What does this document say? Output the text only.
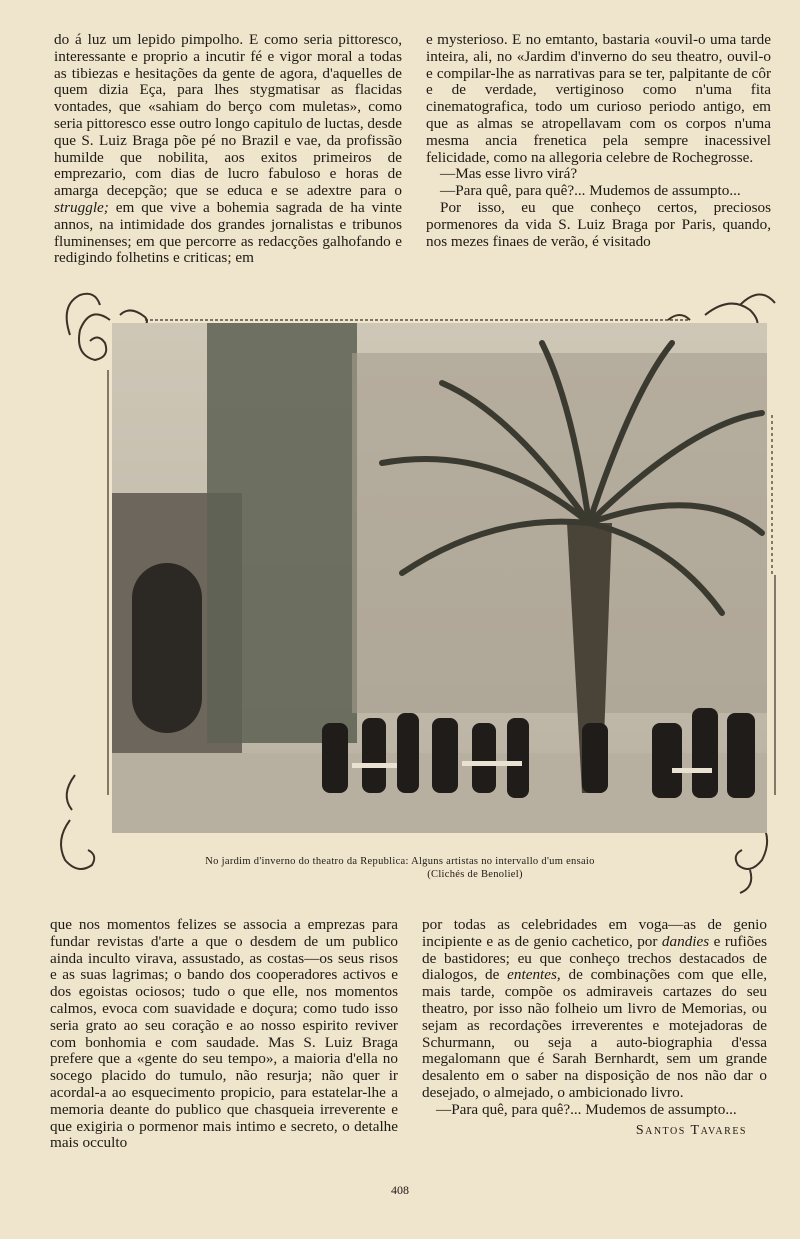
do á luz um lepido pimpolho. E como seria pittoresco, interessante e proprio a incutir fé e vigor moral a todas as tibiezas e hesitações da gente de agora, d'aquelles de quem dizia Eça, para lhes stygmatisar as flacidas vontades, que «sahiam do berço com muletas», como seria pittoresco esse outro longo capitulo de luctas, desde que S. Luiz Braga põe pé no Brazil e vae, da profissão humilde que nobilita, aos exitos primeiros de emprezario, com dias de lucro fabuloso e horas de amarga decepção; que se educa e se adextre para o struggle; em que vive a bohemia sagrada de ha vinte annos, na intimidade dos grandes jornalistas e tribunos fluminenses; em que percorre as redacções galhofando e redigindo folhetins e criticas; em

e mysterioso. E no emtanto, bastaria «ouvil-o uma tarde inteira, ali, no «Jardim d'inverno do seu theatro, ouvil-o e compilar-lhe as narrativas para se ter, palpitante de côr e de verdade, vertiginoso como n'uma fita cinematografica, todo um curioso periodo antigo, em que as almas se atropellavam com os corpos n'uma mesma ancia frenetica pela sempre inacessivel felicidade, como na allegoria celebre de Rochegrosse.

—Mas esse livro virá?

—Para quê, para quê?... Mudemos de assumpto...

Por isso, eu que conheço certos, preciosos pormenores da vida S. Luiz Braga por Paris, quando, nos mezes finaes de verão, é visitado

No jardim d'inverno do theatro da Republica: Alguns artistas no intervallo d'um ensaio
(Clichés de Benoliel)

que nos momentos felizes se associa a emprezas para fundar revistas d'arte a que o desdem de um publico ainda inculto virava, assustado, as costas—os seus risos e as suas lagrimas; o bando dos cooperadores activos e dos egoistas ociosos; tudo o que elle, nos momentos calmos, evoca com suavidade e doçura; como tudo isso seria grato ao seu coração e ao nosso espirito reviver com bonhomia e com saudade. Mas S. Luiz Braga prefere que a «gente do seu tempo», a maioria d'ella no socego placido do tumulo, não resurja; não quer ir acordal-a ao esquecimento propicio, para estatelar-lhe a memoria deante do publico que chasqueia irreverente e que exigiria o pormenor mais intimo e secreto, o detalhe mais occulto

por todas as celebridades em voga—as de genio incipiente e as de genio cachetico, por dandies e rufiões de bastidores; eu que conheço trechos destacados de dialogos, de ententes, de combinações com que elle, mais tarde, compõe os admiraveis cartazes do seu theatro, por isso não folheio um livro de Memorias, ou sejam as recordações irreverentes e motejadoras de Schurmann, ou seja a auto-biographia d'essa megalomann que é Sarah Bernhardt, sem um grande desalento em o saber na disposição de nos não dar o desejado, o almejado, o ambicionado livro.

—Para quê, para quê?... Mudemos de assumpto...

Santos Tavares
408
